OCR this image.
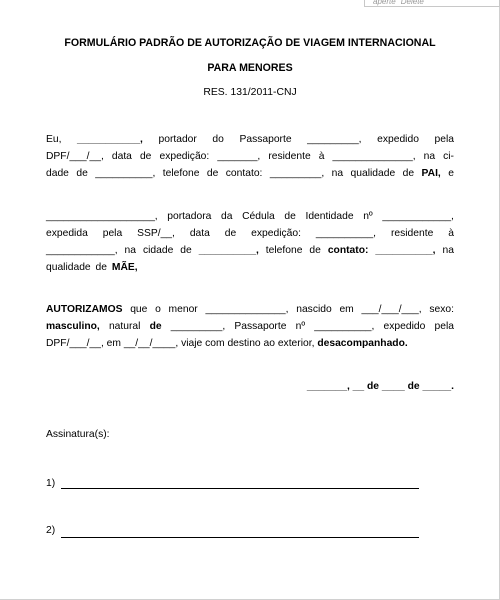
aperte "Delete"
FORMULÁRIO PADRÃO DE AUTORIZAÇÃO DE VIAGEM INTERNACIONAL
PARA MENORES
RES. 131/2011-CNJ
Eu, ___________, portador do Passaporte _________, expedido pela
DPF/___/__, data de expedição: _______, residente à ______________, na ci-
dade de __________, telefone de contato: _________, na qualidade de PAI, e
___________________, portadora da Cédula de Identidade nº ____________,
expedida pela SSP/__, data de expedição: __________, residente à
____________, na cidade de __________, telefone de contato: __________, na
qualidade de MÃE,
AUTORIZAMOS que o menor ______________, nascido em ___/___/___, sexo:
masculino, natural de _________, Passaporte nº __________, expedido pela
DPF/___/__, em __/__/____, viaje com destino ao exterior, desacompanhado.
_______, __ de ____ de _____.
Assinatura(s):
1)
2)
